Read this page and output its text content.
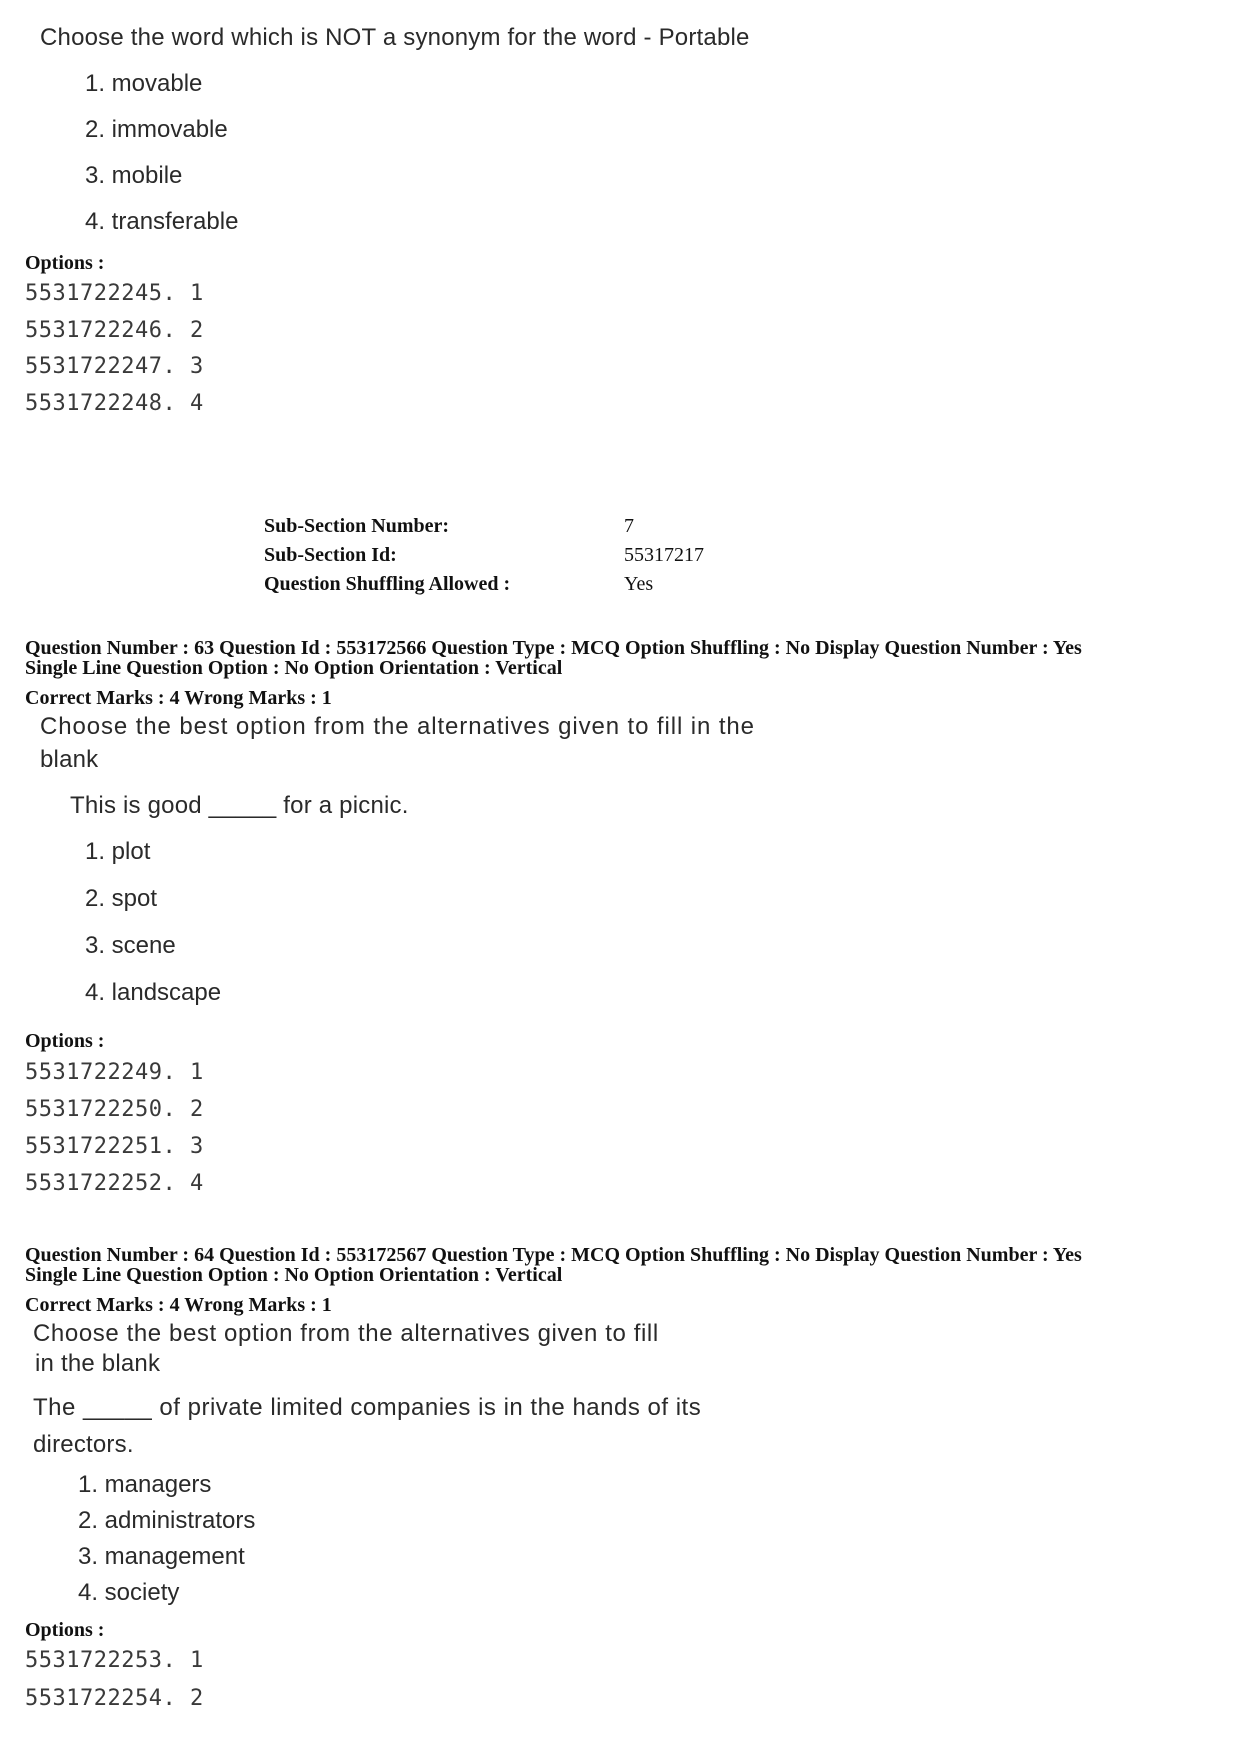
Choose the word which is NOT a synonym for the word - Portable
1. movable
2. immovable
3. mobile
4. transferable
Options :
5531722245. 1
5531722246. 2
5531722247. 3
5531722248. 4
Sub-Section Number:	7
Sub-Section Id:	55317217
Question Shuffling Allowed :	Yes
Question Number : 63 Question Id : 553172566 Question Type : MCQ Option Shuffling : No Display Question Number : Yes
Single Line Question Option : No Option Orientation : Vertical
Correct Marks : 4 Wrong Marks : 1
Choose the best option from the alternatives given to fill in the
blank
This is good _____ for a picnic.
1. plot
2. spot
3. scene
4. landscape
Options :
5531722249. 1
5531722250. 2
5531722251. 3
5531722252. 4
Question Number : 64 Question Id : 553172567 Question Type : MCQ Option Shuffling : No Display Question Number : Yes
Single Line Question Option : No Option Orientation : Vertical
Correct Marks : 4 Wrong Marks : 1
Choose the best option from the alternatives given to fill
in the blank
The _____ of private limited companies is in the hands of its
directors.
1. managers
2. administrators
3. management
4. society
Options :
5531722253. 1
5531722254. 2
